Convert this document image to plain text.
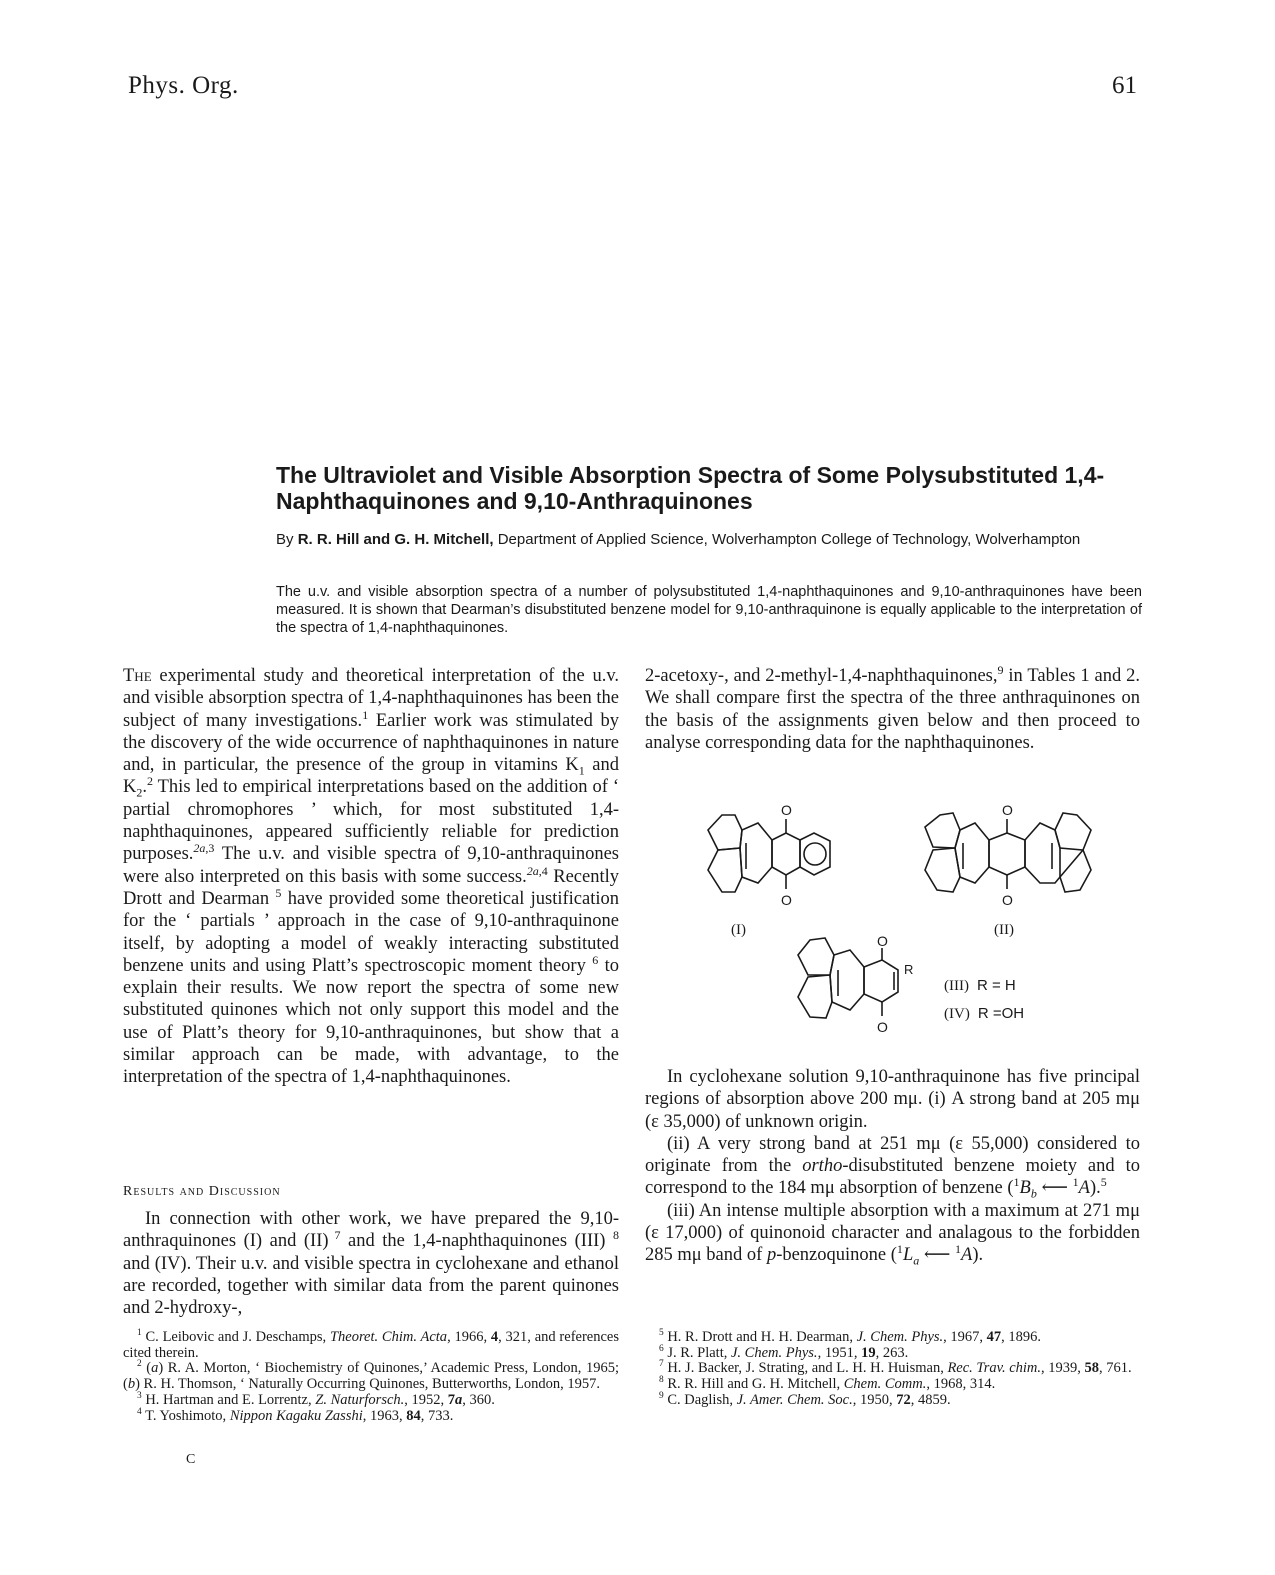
Phys. Org.	61
The Ultraviolet and Visible Absorption Spectra of Some Polysubstituted 1,4-Naphthaquinones and 9,10-Anthraquinones
By R. R. Hill and G. H. Mitchell, Department of Applied Science, Wolverhampton College of Technology, Wolverhampton
The u.v. and visible absorption spectra of a number of polysubstituted 1,4-naphthaquinones and 9,10-anthraquinones have been measured. It is shown that Dearman’s disubstituted benzene model for 9,10-anthraquinone is equally applicable to the interpretation of the spectra of 1,4-naphthaquinones.

The experimental study and theoretical interpretation of the u.v. and visible absorption spectra of 1,4-naphthaquinones has been the subject of many investigations.$^1$ Earlier work was stimulated by the discovery of the wide occurrence of naphthaquinones in nature and, in particular, the presence of the group in vitamins $K_1$ and $K_2.^2$ This led to empirical interpretations based on the addition of ‘ partial chromophores ’ which, for most substituted 1,4-naphthaquinones, appeared sufficiently reliable for prediction purposes.$^{2a,3}$ The u.v. and visible spectra of 9,10-anthraquinones were also interpreted on this basis with some success.$^{2a,4}$ Recently Drott and Dearman $^5$ have provided some theoretical justification for the ‘ partials ’ approach in the case of 9,10-anthraquinone itself, by adopting a model of weakly interacting substituted benzene units and using Platt’s spectroscopic moment theory $^6$ to explain their results. We now report the spectra of some new substituted quinones which not only support this model and the use of Platt’s theory for 9,10-anthraquinones, but show that a similar approach can be made, with advantage, to the interpretation of the spectra of 1,4-naphthaquinones.

Results and Discussion

In connection with other work, we have prepared the 9,10-anthraquinones (I) and (II) $^7$ and the 1,4-naphthaquinones (III) $^8$ and (IV). Their u.v. and visible spectra in cyclohexane and ethanol are recorded, together with similar data from the parent quinones and 2-hydroxy-,

2-acetoxy-, and 2-methyl-1,4-naphthaquinones,$^9$ in Tables 1 and 2. We shall compare first the spectra of the three anthraquinones on the basis of the assignments given below and then proceed to analyse corresponding data for the naphthaquinones.

O
O
(I)
O
O
(II)
O
O
R
(III) R = H
(IV) R =OH

In cyclohexane solution 9,10-anthraquinone has five principal regions of absorption above 200 mμ. (i) A strong band at 205 mμ (ε 35,000) of unknown origin.

(ii) A very strong band at 251 mμ (ε 55,000) considered to originate from the ortho-disubstituted benzene moiety and to correspond to the 184 mμ absorption of benzene ($^1B_b$ ⟵ $^1$A).$^5$

(iii) An intense multiple absorption with a maximum at 271 mμ (ε 17,000) of quinonoid character and analagous to the forbidden 285 mμ band of p-benzoquinone ($^1L_a$ ⟵ $^1$A).

$^1$ C. Leibovic and J. Deschamps, Theoret. Chim. Acta, 1966, 4, 321, and references cited therein.

$^2$ (a) R. A. Morton, ‘ Biochemistry of Quinones,’ Academic Press, London, 1965; (b) R. H. Thomson, ‘ Naturally Occurring Quinones, Butterworths, London, 1957.

$^3$ H. Hartman and E. Lorrentz, Z. Naturforsch., 1952, 7a, 360.

$^4$ T. Yoshimoto, Nippon Kagaku Zasshi, 1963, 84, 733.

C

$^5$ H. R. Drott and H. H. Dearman, J. Chem. Phys., 1967, 47, 1896.

$^6$ J. R. Platt, J. Chem. Phys., 1951, 19, 263.

$^7$ H. J. Backer, J. Strating, and L. H. H. Huisman, Rec. Trav. chim., 1939, 58, 761.

$^8$ R. R. Hill and G. H. Mitchell, Chem. Comm., 1968, 314.

$^9$ C. Daglish, J. Amer. Chem. Soc., 1950, 72, 4859.
